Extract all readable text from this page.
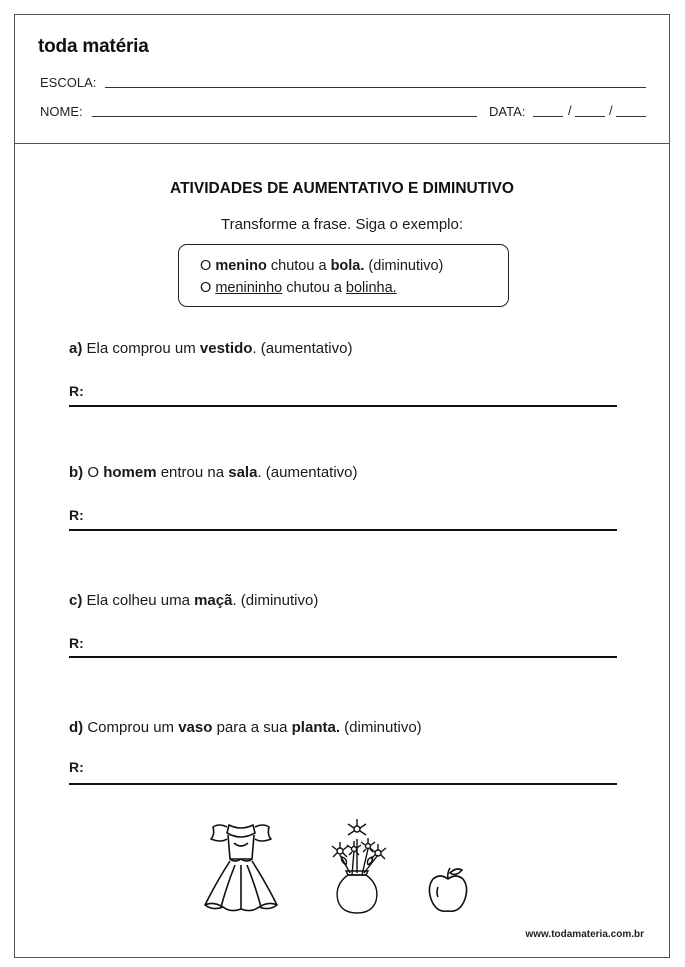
toda matéria
ESCOLA:
NOME:	DATA:	/	/
ATIVIDADES DE AUMENTATIVO E DIMINUTIVO
Transforme a frase. Siga o exemplo:
O menino chutou a bola. (diminutivo)
O menininho chutou a bolinha.
a) Ela comprou um vestido. (aumentativo)
R:
b) O homem entrou na sala. (aumentativo)
R:
c) Ela colheu uma maçã. (diminutivo)
R:
d) Comprou um vaso para a sua planta. (diminutivo)
R:
www.todamateria.com.br
